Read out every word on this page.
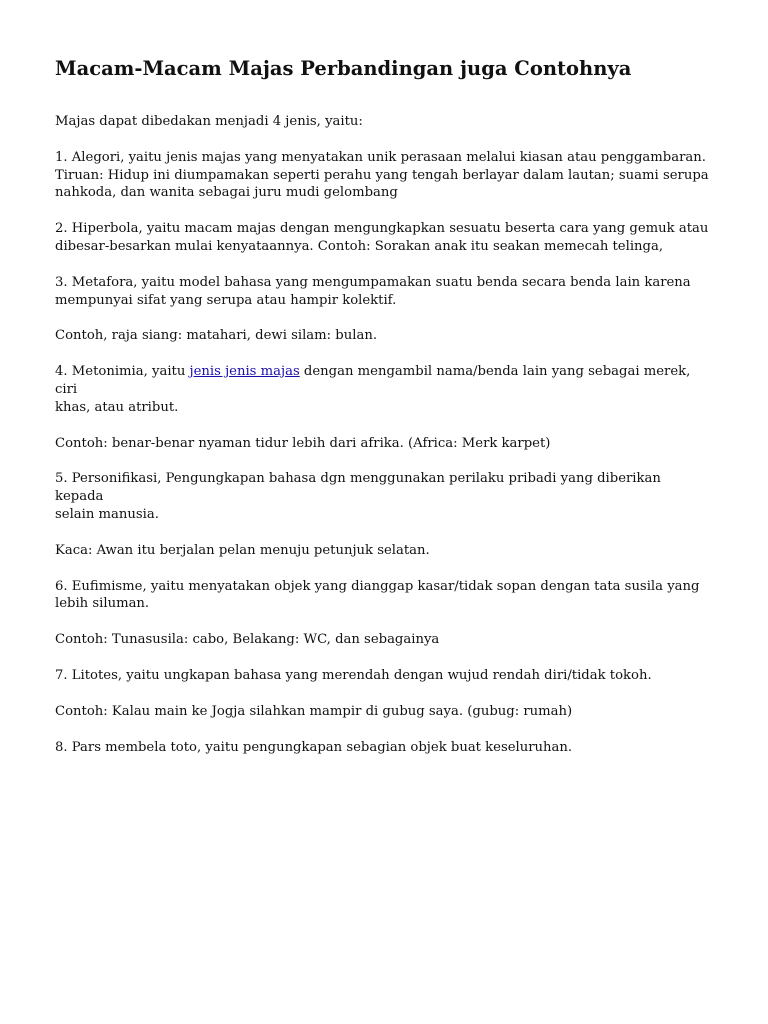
Macam-Macam Majas Perbandingan juga Contohnya

Majas dapat dibedakan menjadi 4 jenis, yaitu:

1. Alegori, yaitu jenis majas yang menyatakan unik perasaan melalui kiasan atau penggambaran.
Tiruan: Hidup ini diumpamakan seperti perahu yang tengah berlayar dalam lautan; suami serupa
nahkoda, dan wanita sebagai juru mudi gelombang

2. Hiperbola, yaitu macam majas dengan mengungkapkan sesuatu beserta cara yang gemuk atau
dibesar-besarkan mulai kenyataannya. Contoh: Sorakan anak itu seakan memecah telinga,

3. Metafora, yaitu model bahasa yang mengumpamakan suatu benda secara benda lain karena
mempunyai sifat yang serupa atau hampir kolektif.

Contoh, raja siang: matahari, dewi silam: bulan.

4. Metonimia, yaitu jenis jenis majas dengan mengambil nama/benda lain yang sebagai merek, ciri
khas, atau atribut.

Contoh: benar-benar nyaman tidur lebih dari afrika. (Africa: Merk karpet)

5. Personifikasi, Pengungkapan bahasa dgn menggunakan perilaku pribadi yang diberikan kepada
selain manusia.

Kaca: Awan itu berjalan pelan menuju petunjuk selatan.

6. Eufimisme, yaitu menyatakan objek yang dianggap kasar/tidak sopan dengan tata susila yang
lebih siluman.

Contoh: Tunasusila: cabo, Belakang: WC, dan sebagainya

7. Litotes, yaitu ungkapan bahasa yang merendah dengan wujud rendah diri/tidak tokoh.

Contoh: Kalau main ke Jogja silahkan mampir di gubug saya. (gubug: rumah)

8. Pars membela toto, yaitu pengungkapan sebagian objek buat keseluruhan.
